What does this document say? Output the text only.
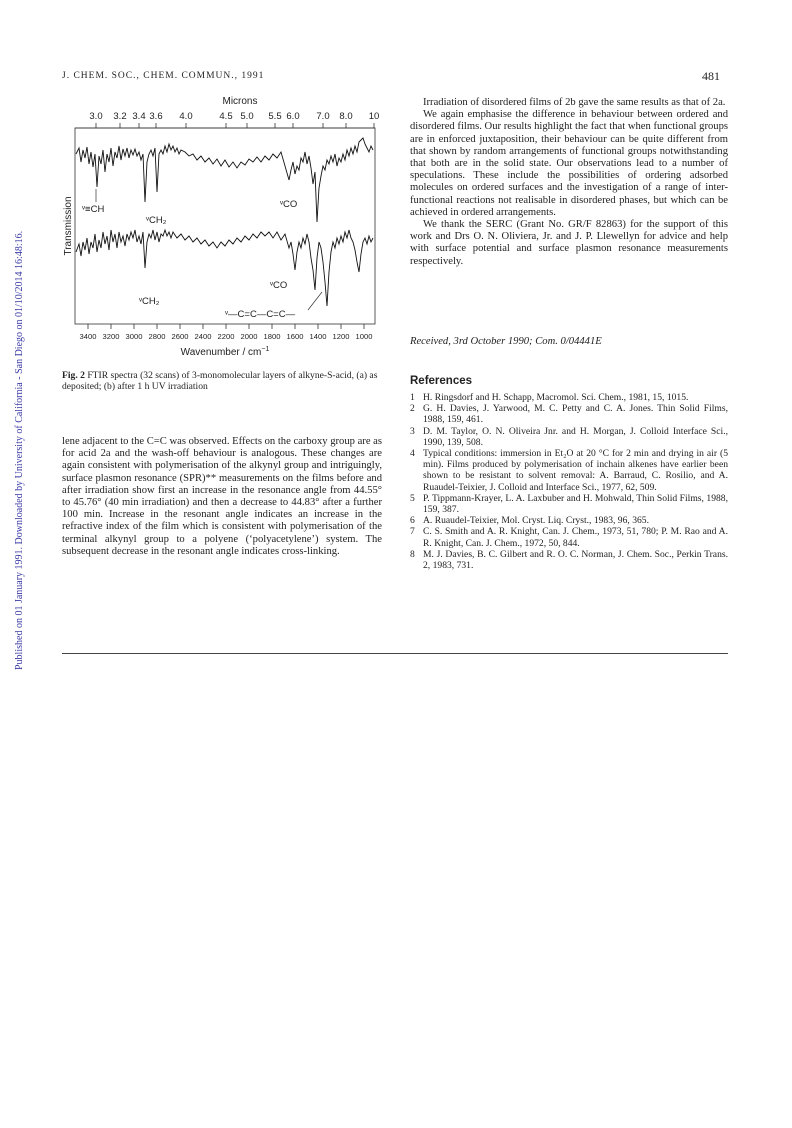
Published on 01 January 1991. Downloaded by University of California - San Diego on 01/10/2014 16:48:16.
J. CHEM. SOC., CHEM. COMMUN., 1991	481
Microns
3.0 3.2 3.4 3.6 4.0	4.5 5.0 5.5 6.0 7.0 8.0 10
Transmission ᵛ≡CH
ᵛCH₂
ᵛCO
ᵛCO
ᵛCH₂
ᵛ—C=C—C=C—
3400 3200 3000 2800 2600 2400 2200 2000 1800 1600 1400 1200 1000
Wavenumber / $cm^{-1}$
Fig. 2 FTIR spectra (32 scans) of 3-monomolecular layers of alkyne-S-acid, (a) as deposited; (b) after 1 h UV irradiation

lene adjacent to the C=C was observed. Effects on the carboxy group are as for acid 2a and the wash-off behaviour is analogous. These changes are again consistent with polymerisation of the alkynyl group and intriguingly, surface plasmon resonance (SPR)** measurements on the films before and after irradiation show first an increase in the resonance angle from 44.55° to 45.76° (40 min irradiation) and then a decrease to 44.83° after a further 100 min. Increase in the resonant angle indicates an increase in the refractive index of the film which is consistent with polymerisation of the terminal alkynyl group to a polyene (‘polyacetylene’) system. The subsequent decrease in the resonant angle indicates cross-linking.

Irradiation of disordered films of 2b gave the same results as that of 2a.

We again emphasise the difference in behaviour between ordered and disordered films. Our results highlight the fact that when functional groups are in enforced juxtaposition, their behaviour can be quite different from that shown by random arrangements of functional groups notwithstanding that both are in the solid state. Our observations lead to a number of speculations. These include the possibilities of ordering adsorbed molecules on ordered surfaces and the investigation of a range of inter-functional reactions not realisable in disordered phases, but which can be achieved in ordered arrangements.

We thank the SERC (Grant No. GR/F 82863) for the support of this work and Drs O. N. Oliviera, Jr. and J. P. Llewellyn for advice and help with surface potential and surface plasmon resonance measurements respectively.

Received, 3rd October 1990; Com. 0/04441E
References
1 H. Ringsdorf and H. Schapp, Macromol. Sci. Chem., 1981, 15, 1015.
2 G. H. Davies, J. Yarwood, M. C. Petty and C. A. Jones. Thin Solid Films, 1988, 159, 461.
3 D. M. Taylor, O. N. Oliveira Jnr. and H. Morgan, J. Colloid Interface Sci., 1990, 139, 508.
4 Typical conditions: immersion in Et₂O at 20 °C for 2 min and drying in air (5 min). Films produced by polymerisation of inchain alkenes have earlier been shown to be resistant to solvent removal: A. Barraud, C. Rosilio, and A. Ruaudel-Teixier, J. Colloid and Interface Sci., 1977, 62, 509.
5 P. Tippmann-Krayer, L. A. Laxbuber and H. Mohwald, Thin Solid Films, 1988, 159, 387.
6 A. Ruaudel-Teixier, Mol. Cryst. Liq. Cryst., 1983, 96, 365.
7 C. S. Smith and A. R. Knight, Can. J. Chem., 1973, 51, 780; P. M. Rao and A. R. Knight, Can. J. Chem., 1972, 50, 844.
8 M. J. Davies, B. C. Gilbert and R. O. C. Norman, J. Chem. Soc., Perkin Trans. 2, 1983, 731.
